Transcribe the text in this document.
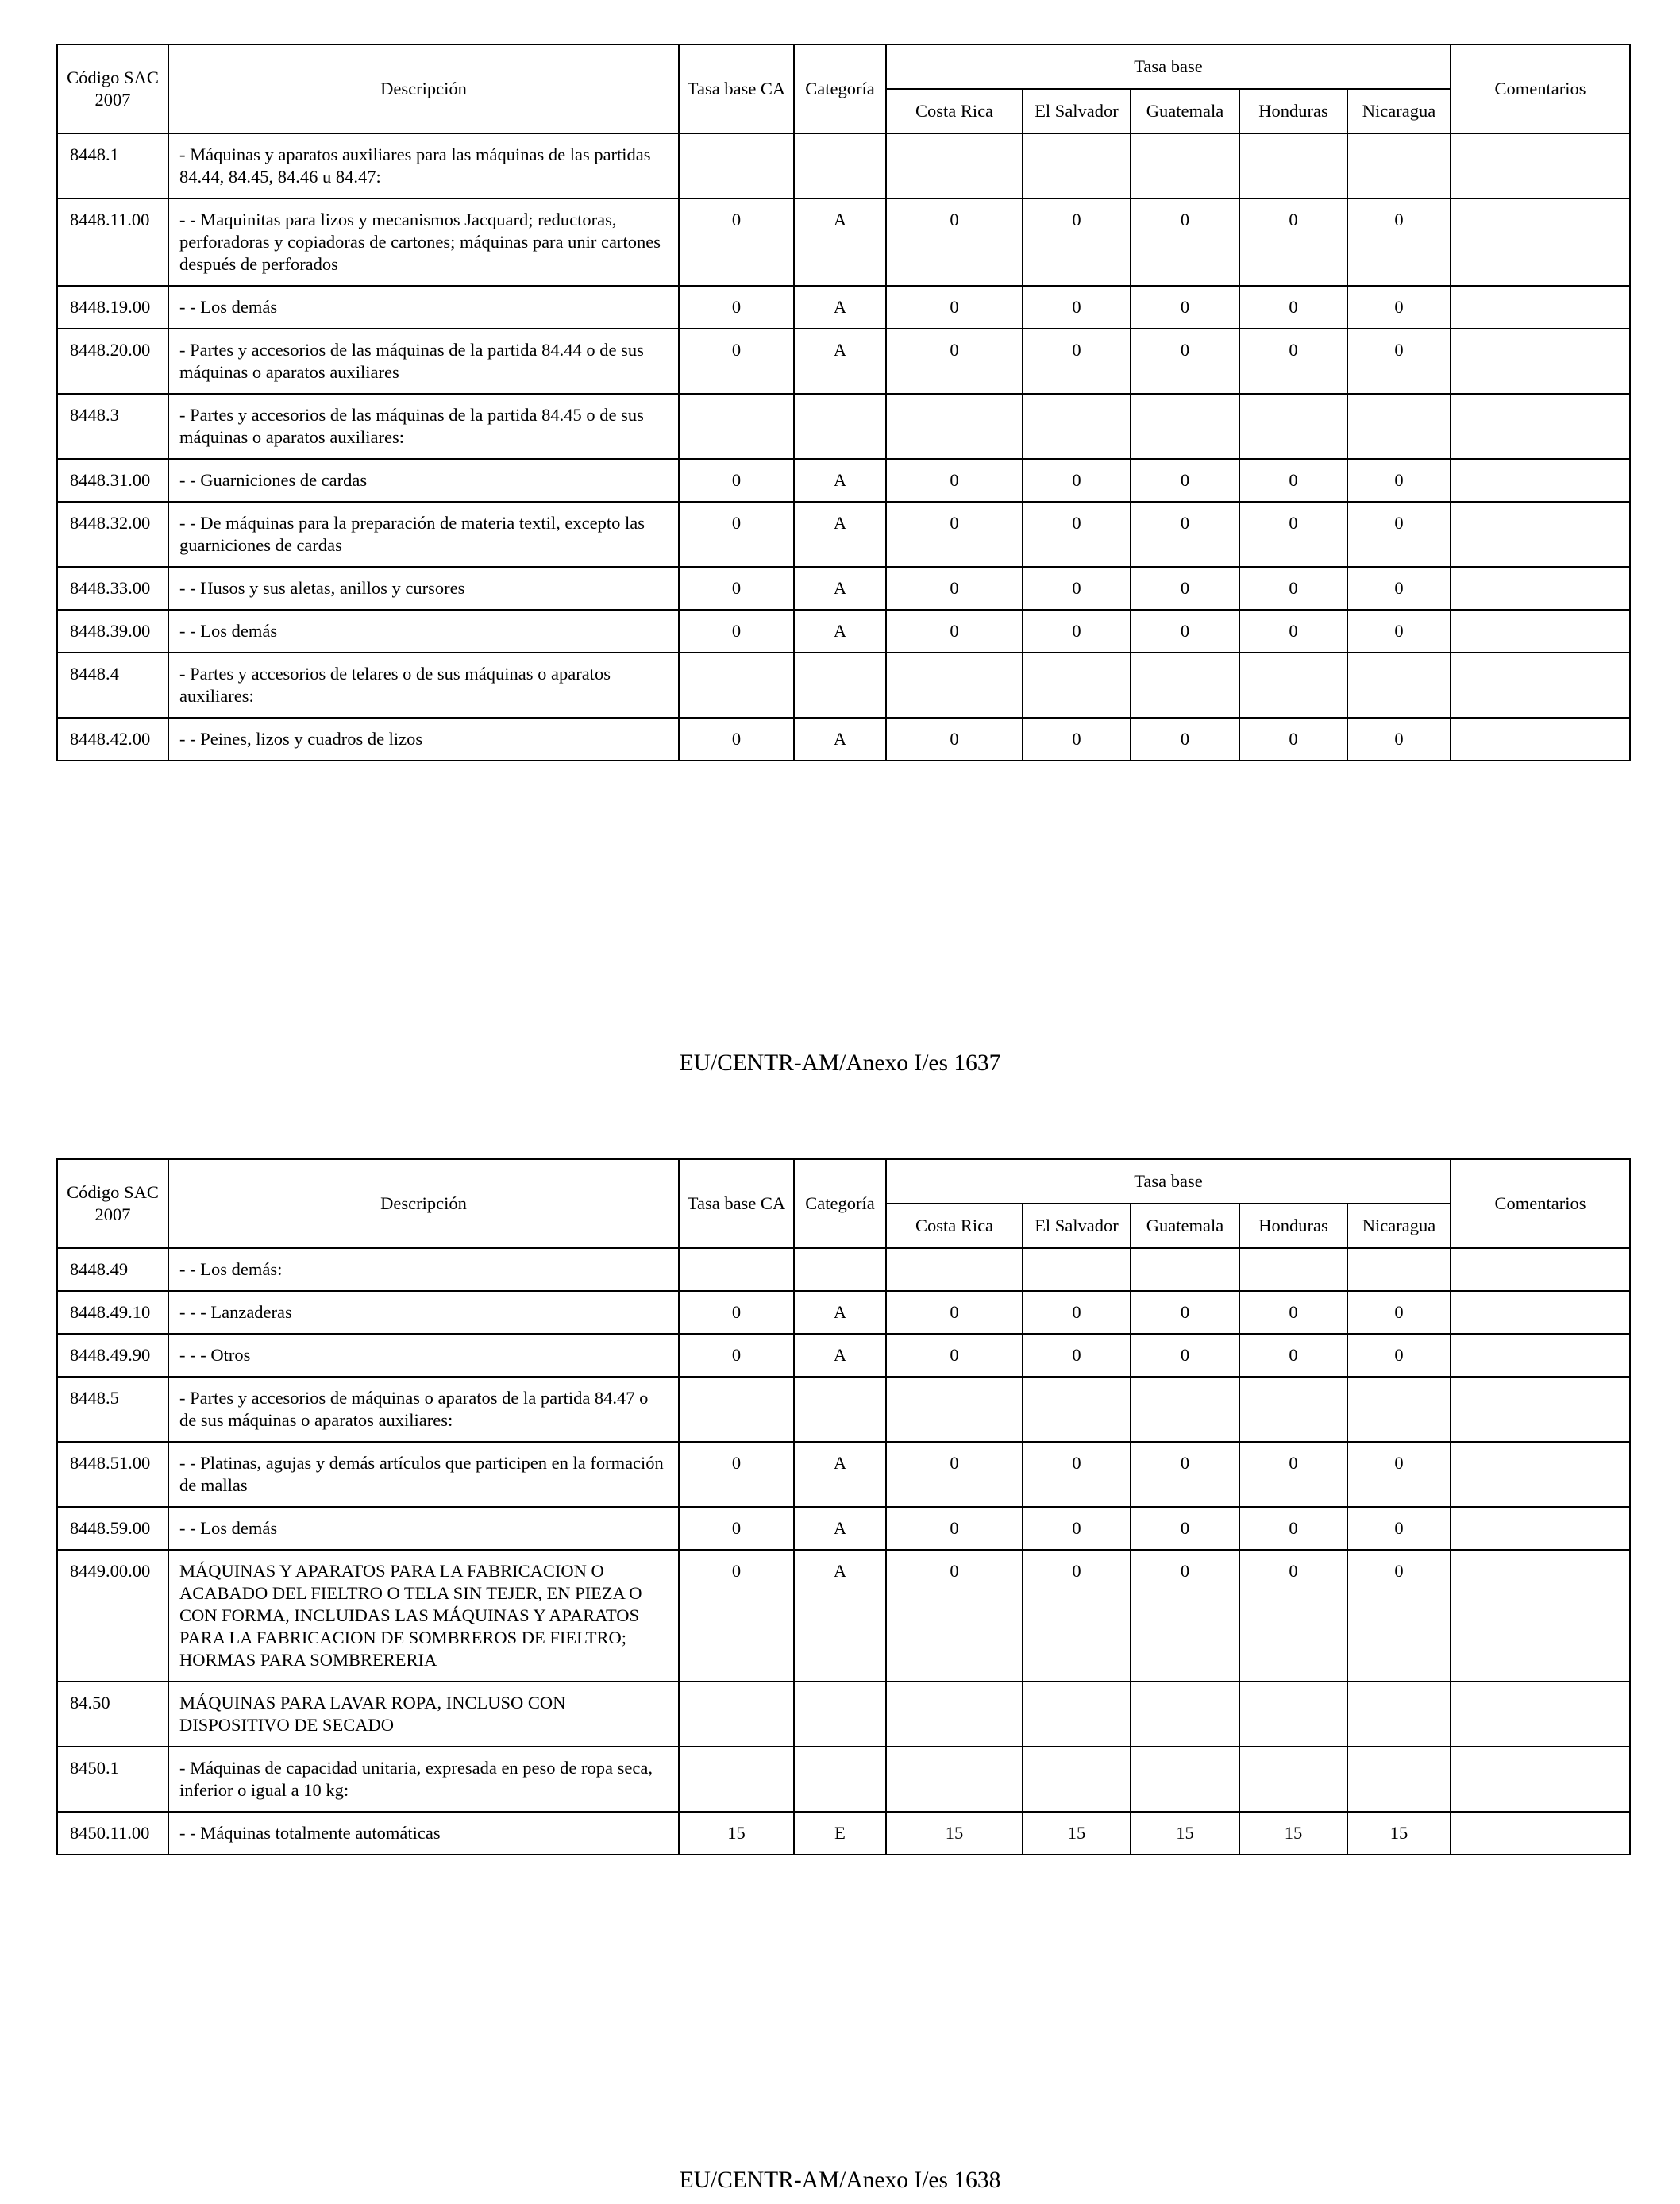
Código SAC
2007	Descripción	Tasa base CA	Categoría	Tasa base					Comentarios
				Costa Rica	El Salvador	Guatemala	Honduras	Nicaragua	
8448.1	- Máquinas y aparatos auxiliares para las máquinas de las partidas 84.44, 84.45, 84.46 u 84.47:								
8448.11.00	- - Maquinitas para lizos y mecanismos Jacquard; reductoras, perforadoras y copiadoras de cartones; máquinas para unir cartones después de perforados	0	A	0	0	0	0	0	
8448.19.00	- - Los demás	0	A	0	0	0	0	0	
8448.20.00	- Partes y accesorios de las máquinas de la partida 84.44 o de sus máquinas o aparatos auxiliares	0	A	0	0	0	0	0	
8448.3	- Partes y accesorios de las máquinas de la partida 84.45 o de sus máquinas o aparatos auxiliares:								
8448.31.00	- - Guarniciones de cardas	0	A	0	0	0	0	0	
8448.32.00	- - De máquinas para la preparación de materia textil, excepto las guarniciones de cardas	0	A	0	0	0	0	0	
8448.33.00	- - Husos y sus aletas, anillos y cursores	0	A	0	0	0	0	0	
8448.39.00	- - Los demás	0	A	0	0	0	0	0	
8448.4	- Partes y accesorios de telares o de sus máquinas o aparatos auxiliares:								
8448.42.00	- - Peines, lizos y cuadros de lizos	0	A	0	0	0	0	0	
EU/CENTR-AM/Anexo I/es 1637
Código SAC
2007	Descripción	Tasa base CA	Categoría	Tasa base					Comentarios
				Costa Rica	El Salvador	Guatemala	Honduras	Nicaragua	
8448.49	- - Los demás:								
8448.49.10	- - - Lanzaderas	0	A	0	0	0	0	0	
8448.49.90	- - - Otros	0	A	0	0	0	0	0	
8448.5	- Partes y accesorios de máquinas o aparatos de la partida 84.47 o de sus máquinas o aparatos auxiliares:								
8448.51.00	- - Platinas, agujas y demás artículos que participen en la formación de mallas	0	A	0	0	0	0	0	
8448.59.00	- - Los demás	0	A	0	0	0	0	0	
8449.00.00	MÁQUINAS Y APARATOS PARA LA FABRICACION O ACABADO DEL FIELTRO O TELA SIN TEJER, EN PIEZA O CON FORMA, INCLUIDAS LAS MÁQUINAS Y APARATOS PARA LA FABRICACION DE SOMBREROS DE FIELTRO; HORMAS PARA SOMBRERERIA	0	A	0	0	0	0	0	
84.50	MÁQUINAS PARA LAVAR ROPA, INCLUSO CON DISPOSITIVO DE SECADO								
8450.1	- Máquinas de capacidad unitaria, expresada en peso de ropa seca, inferior o igual a 10 kg:								
8450.11.00	- - Máquinas totalmente automáticas	15	E	15	15	15	15	15	
EU/CENTR-AM/Anexo I/es 1638
